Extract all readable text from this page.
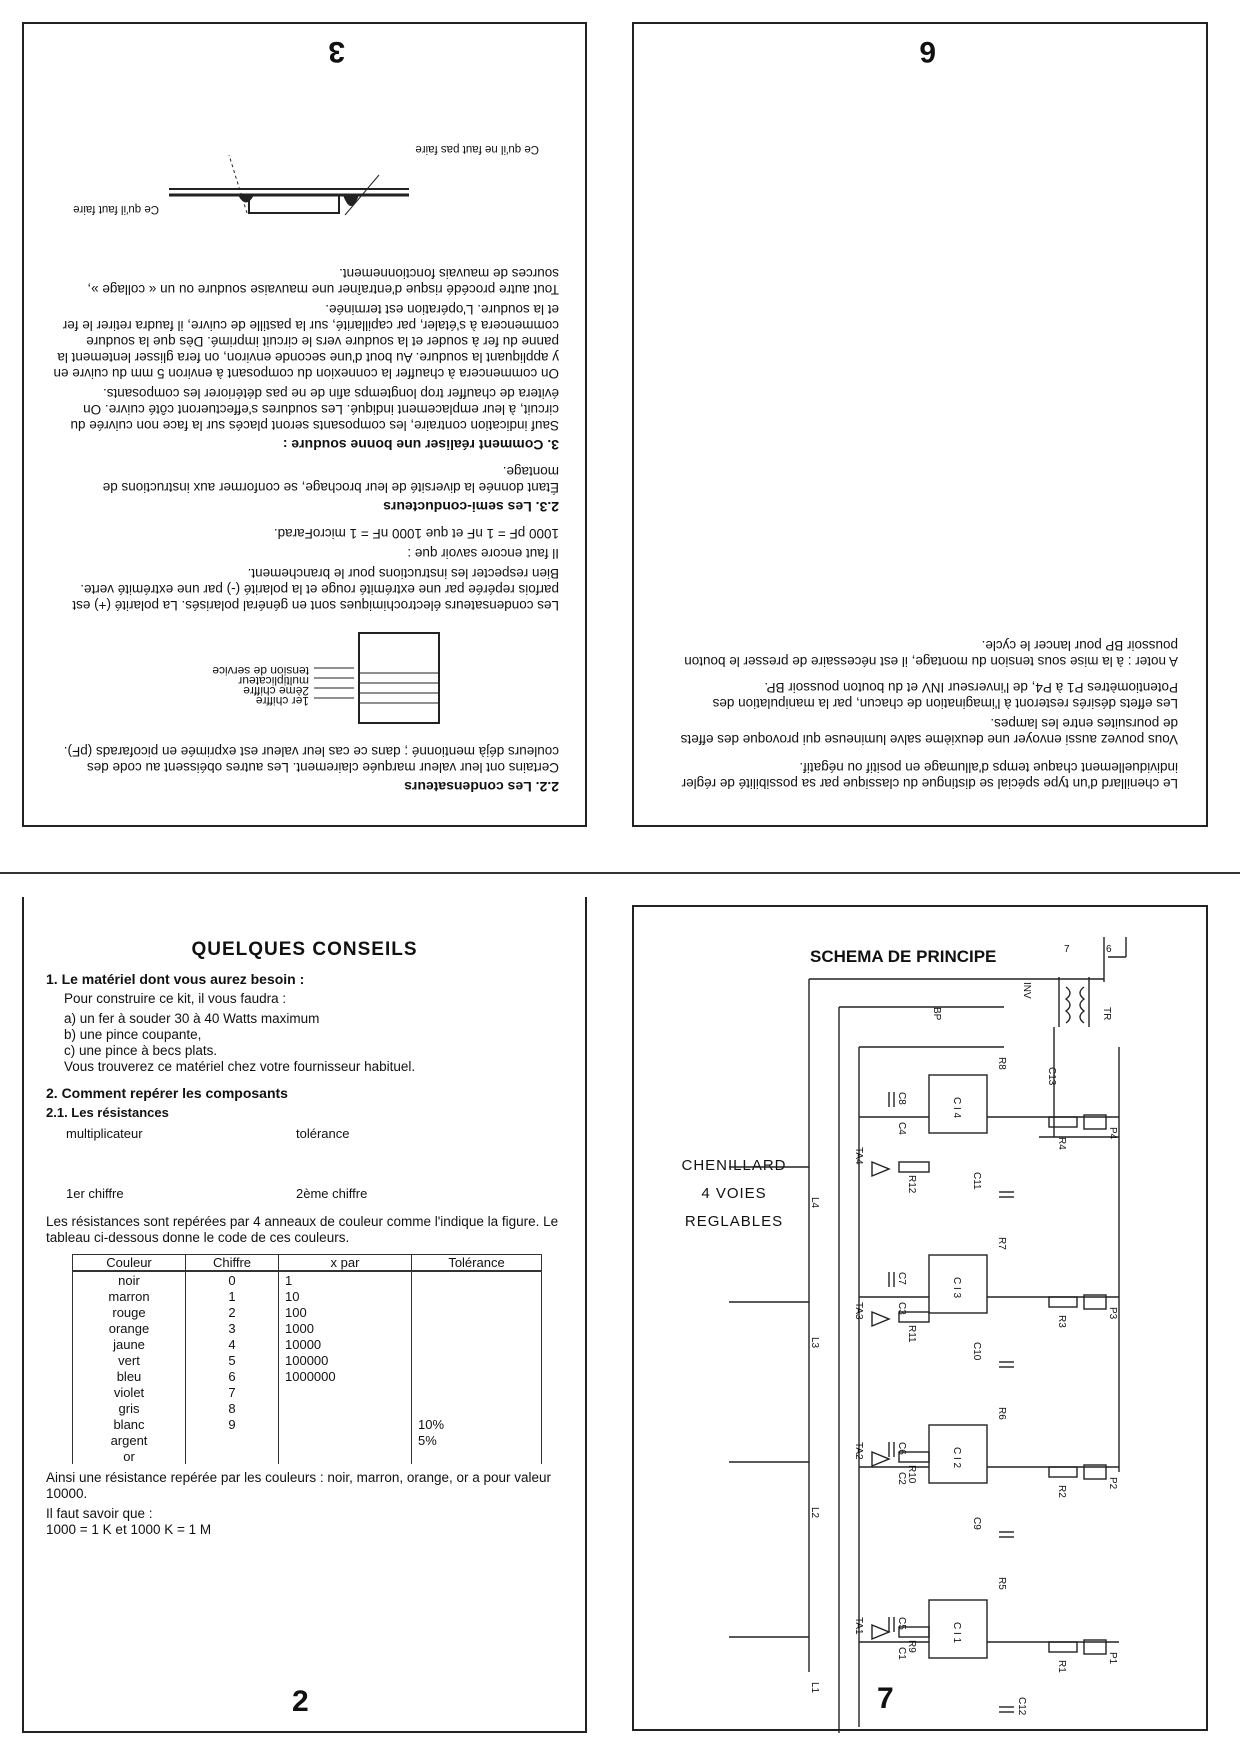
2.2. Les condensateurs

Certains ont leur valeur marquée clairement. Les autres obéissent au code des couleurs déjà mentionné ; dans ce cas leur valeur est exprimée en picofarads (pF).

1er chiffre
2ème chiffre
multiplicateur
tension de service

Les condensateurs électrochimiques sont en général polarisés. La polarité (+) est parfois repérée par une extrémité rouge et la polarité (-) par une extrémité verte. Bien respecter les instructions pour le branchement.

Il faut encore savoir que :

1000 pF = 1 nF et que 1000 nF = 1 microFarad.

2.3. Les semi-conducteurs

Étant donnée la diversité de leur brochage, se conformer aux instructions de montage.

3. Comment réaliser une bonne soudure :

Sauf indication contraire, les composants seront placés sur la face non cuivrée du circuit, à leur emplacement indiqué. Les soudures s'effectueront côté cuivre. On évitera de chauffer trop longtemps afin de ne pas détériorer les composants.

On commencera à chauffer la connexion du composant à environ 5 mm du cuivre en y appliquant la soudure. Au bout d'une seconde environ, on fera glisser lentement la panne du fer à souder et la soudure vers le circuit imprimé. Dès que la soudure commencera à s'étaler, par capillarité, sur la pastille de cuivre, il faudra retirer le fer et la soudure. L'opération est terminée.

Tout autre procédé risque d'entraîner une mauvaise soudure ou un « collage », sources de mauvais fonctionnement.

Ce qu'il faut faire
Ce qu'il ne faut pas faire
3

Le chenillard d'un type spécial se distingue du classique par sa possibilité de régler individuellement chaque temps d'allumage en positif ou négatif.

Vous pouvez aussi envoyer une deuxième salve lumineuse qui provoque des effets de poursuites entre les lampes.

Les effets désirés resteront à l'imagination de chacun, par la manipulation des Potentiomètres P1 à P4, de l'inverseur INV et du bouton poussoir BP.

A noter : à la mise sous tension du montage, il est nécessaire de presser le bouton poussoir BP pour lancer le cycle.

6
QUELQUES CONSEILS
1. Le matériel dont vous aurez besoin :

Pour construire ce kit, il vous faudra :

a) un fer à souder 30 à 40 Watts maximum

b) une pince coupante,

c) une pince à becs plats.

Vous trouverez ce matériel chez votre fournisseur habituel.

2. Comment repérer les composants
2.1. Les résistances
multiplicateur	tolérance
1er chiffre	2ème chiffre

Les résistances sont repérées par 4 anneaux de couleur comme l'indique la figure. Le tableau ci-dessous donne le code de ces couleurs.

Couleur	Chiffre	x par	Tolérance
noir	0	1	
marron	1	10	
rouge	2	100	
orange	3	1000	
jaune	4	10000	
vert	5	100000	
bleu	6	1000000	
violet	7		
gris	8		
blanc	9		10%
argent			5%
or			

Ainsi une résistance repérée par les couleurs : noir, marron, orange, or a pour valeur 10000.

Il faut savoir que :

1000 = 1 K et 1000 K = 1 M

2
CHENILLARD
4 VOIES
REGLABLES
SCHEMA DE PRINCIPE
TR
INV
BP
6
7
C I 4
C I 3
C I 2
C I 1
TA4
TA3
TA2
TA1
L4
L3
L2
L1
R12
R11
R10
R9
R4
R3
R2
R1
R8
R7
R6
R5
P4
P3
P2
P1
C8
C4
C11
C7
C3
C10
C6
C2
C9
C5
C1
C12
C13
7
